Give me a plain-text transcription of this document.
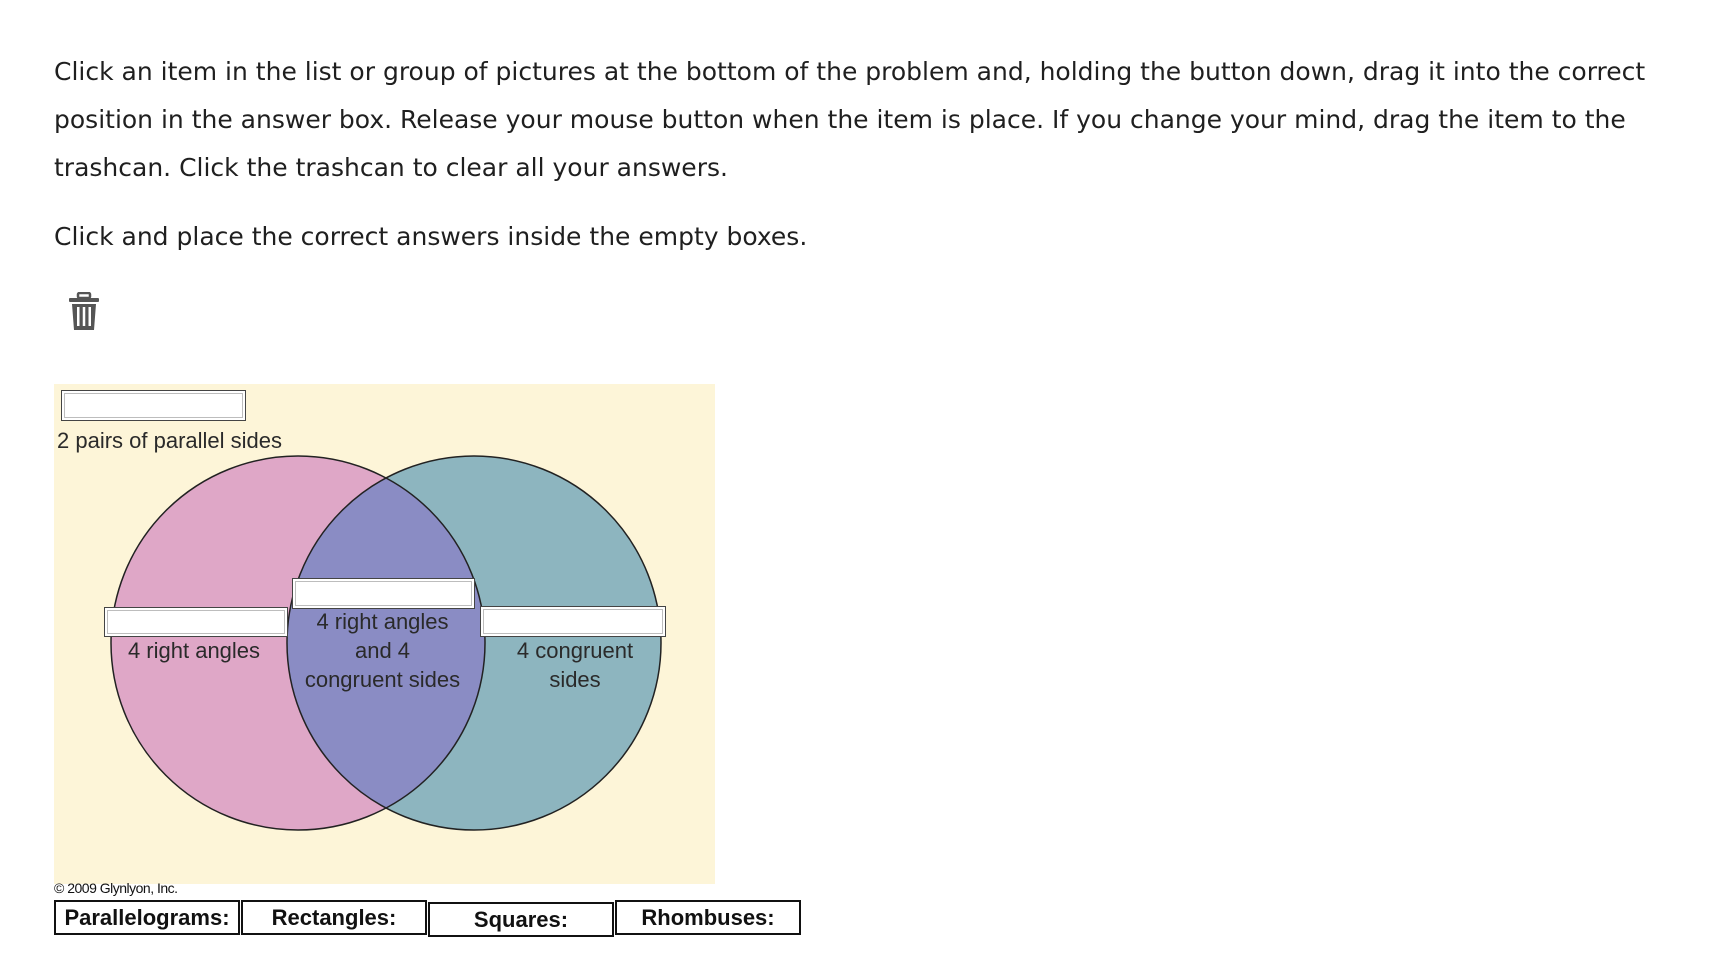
Click an item in the list or group of pictures at the bottom of the problem and, holding the button down, drag it into the correct position in the answer box. Release your mouse button when the item is place. If you change your mind, drag the item to the trashcan. Click the trashcan to clear all your answers.

Click and place the correct answers inside the empty boxes.

2 pairs of parallel sides
4 right angles
4 right angles
and 4
congruent sides
4 congruent
sides
© 2009 Glynlyon, Inc.
Parallelograms:	Rectangles:	Squares:	Rhombuses:
